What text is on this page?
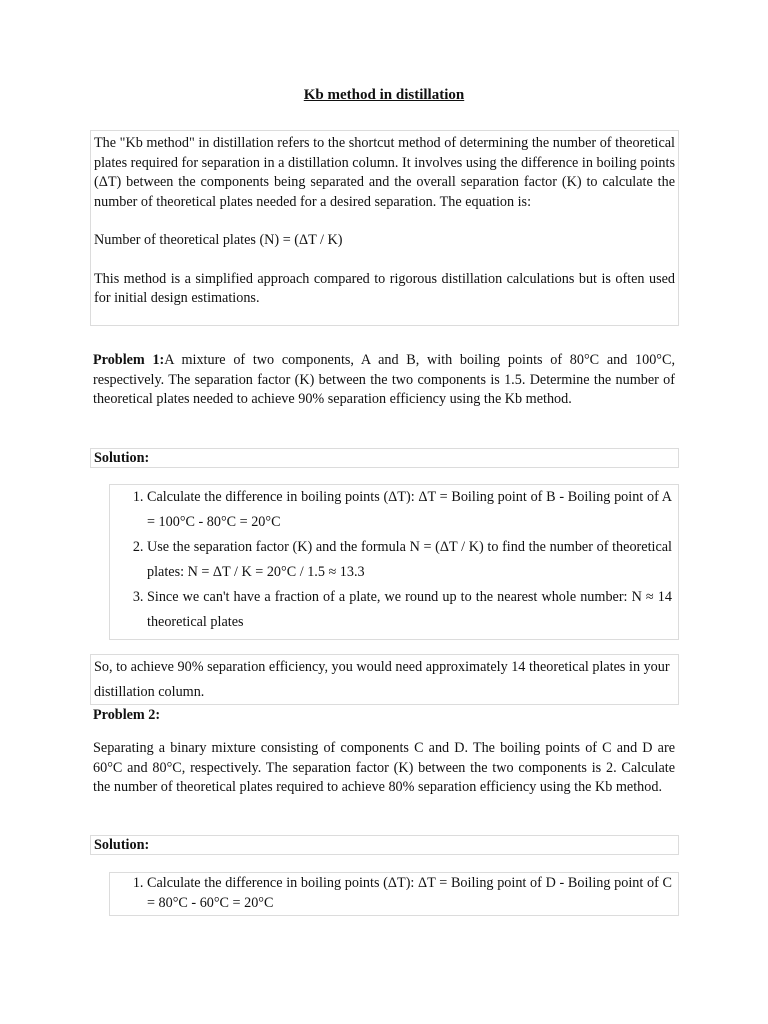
Kb method in distillation

The "Kb method" in distillation refers to the shortcut method of determining the number of theoretical plates required for separation in a distillation column. It involves using the difference in boiling points (ΔT) between the components being separated and the overall separation factor (K) to calculate the number of theoretical plates needed for a desired separation. The equation is:

Number of theoretical plates (N) = (ΔT / K)

This method is a simplified approach compared to rigorous distillation calculations but is often used for initial design estimations.

Problem 1:A mixture of two components, A and B, with boiling points of 80°C and 100°C, respectively. The separation factor (K) between the two components is 1.5. Determine the number of theoretical plates needed to achieve 90% separation efficiency using the Kb method.

Solution:
1. Calculate the difference in boiling points (ΔT): ΔT = Boiling point of B - Boiling point of A = 100°C - 80°C = 20°C
2. Use the separation factor (K) and the formula N = (ΔT / K) to find the number of theoretical plates: N = ΔT / K = 20°C / 1.5 ≈ 13.3
3. Since we can't have a fraction of a plate, we round up to the nearest whole number: N ≈ 14 theoretical plates
So, to achieve 90% separation efficiency, you would need approximately 14 theoretical plates in your distillation column.
Problem 2:

Separating a binary mixture consisting of components C and D. The boiling points of C and D are 60°C and 80°C, respectively. The separation factor (K) between the two components is 2. Calculate the number of theoretical plates required to achieve 80% separation efficiency using the Kb method.

Solution:
1. Calculate the difference in boiling points (ΔT): ΔT = Boiling point of D - Boiling point of C = 80°C - 60°C = 20°C
